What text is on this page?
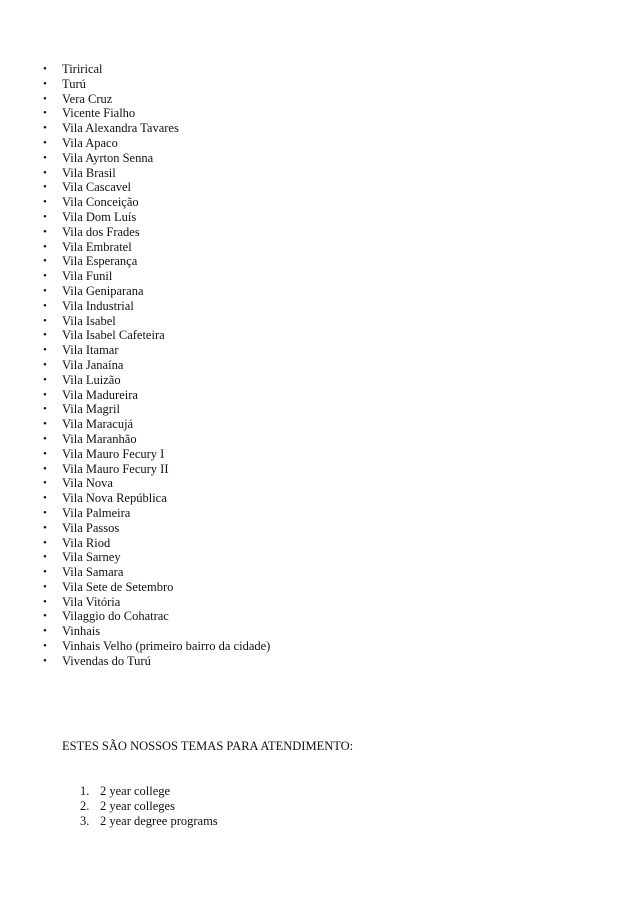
• Tirirical
• Turú
• Vera Cruz
• Vicente Fialho
• Vila Alexandra Tavares
• Vila Apaco
• Vila Ayrton Senna
• Vila Brasil
• Vila Cascavel
• Vila Conceição
• Vila Dom Luís
• Vila dos Frades
• Vila Embratel
• Vila Esperança
• Vila Funil
• Vila Geniparana
• Vila Industrial
• Vila Isabel
• Vila Isabel Cafeteira
• Vila Itamar
• Vila Janaína
• Vila Luizão
• Vila Madureira
• Vila Magril
• Vila Maracujá
• Vila Maranhão
• Vila Mauro Fecury I
• Vila Mauro Fecury II
• Vila Nova
• Vila Nova República
• Vila Palmeira
• Vila Passos
• Vila Riod
• Vila Sarney
• Vila Samara
• Vila Sete de Setembro
• Vila Vitória
• Vilaggio do Cohatrac
• Vinhais
• Vinhais Velho (primeiro bairro da cidade)
• Vivendas do Turú

ESTES SÃO NOSSOS TEMAS PARA ATENDIMENTO:

1. 2 year college
2. 2 year colleges
3. 2 year degree programs
